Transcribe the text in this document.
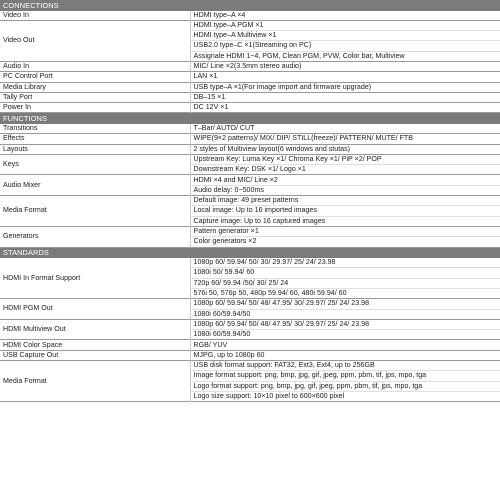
CONNECTIONS	
Video In	HDMI type–A ×4
Video Out	HDMI type–A PGM ×1
	HDMI type–A Multiview ×1
	USB2.0 type–C ×1(Streaming on PC)
	Assignale HDMI 1~4, PGM, Clean PGM, PVW, Color bar, Multiview
Audio In	MIC/ Line ×2(3.5mm stereo audio)
PC Control Port	LAN ×1
Media Library	USB type–A ×1(For image import and firmware upgrade)
Tally Port	DB–15 ×1
Power In	DC 12V ×1
FUNCTIONS	
Transitions	T–Bar/ AUTO/ CUT
Effects	WIPE(9×2 patterns)/ MIX/ DIP/ STILL(freeze)/ PATTERN/ MUTE/ FTB
Layouts	2 styles of Multiview layout(6 windows and stutas)
Keys	Upstream Key: Luma Key ×1/ Chroma Key ×1/ PiP ×2/ POP
	Downstream Key: DSK ×1/ Logo ×1
Audio Mixer	HDMI ×4 and MIC/ Line ×2
	Audio delay: 0~500ms
Media Format	Default image: 49 preset patterns
	Local image: Up to 16 imported images
	Capture image: Up to 16 captured images
Generators	Pattern generator ×1
	Color generators ×2
STANDARDS	
HDMI In Format Support	1080p 60/ 59.94/ 50/ 30/ 29.97/ 25/ 24/ 23.98
	1080i 50/ 59.94/ 60
	720p 60/ 59.94 /50/ 30/ 25/ 24
	576i 50, 576p 50, 480p 59.94/ 60, 480i 59.94/ 60
HDMI PGM Out	1080p 60/ 59.94/ 50/ 48/ 47.95/ 30/ 29.97/ 25/ 24/ 23.98
	1080i 60/59.94/50
HDMI Multiview Out	1080p 60/ 59.94/ 50/ 48/ 47.95/ 30/ 29.97/ 25/ 24/ 23.98
	1080i 60/59.94/50
HDMI Color Space	RGB/ YUV
USB Capture Out	MJPG, up to 1080p 60
Media Format	USB disk format support: FAT32, Ext3, Ext4, up to 256GB
	Image format support: png, bmp, jpg, gif, jpeg, ppm, pbm, tif, jps, mpo, tga
	Logo format support: png, bmp, jpg, gif, jpeg, ppm, pbm, tif, jps, mpo, tga
	Logo size support: 10×10 pixel to 600×600 pixel
